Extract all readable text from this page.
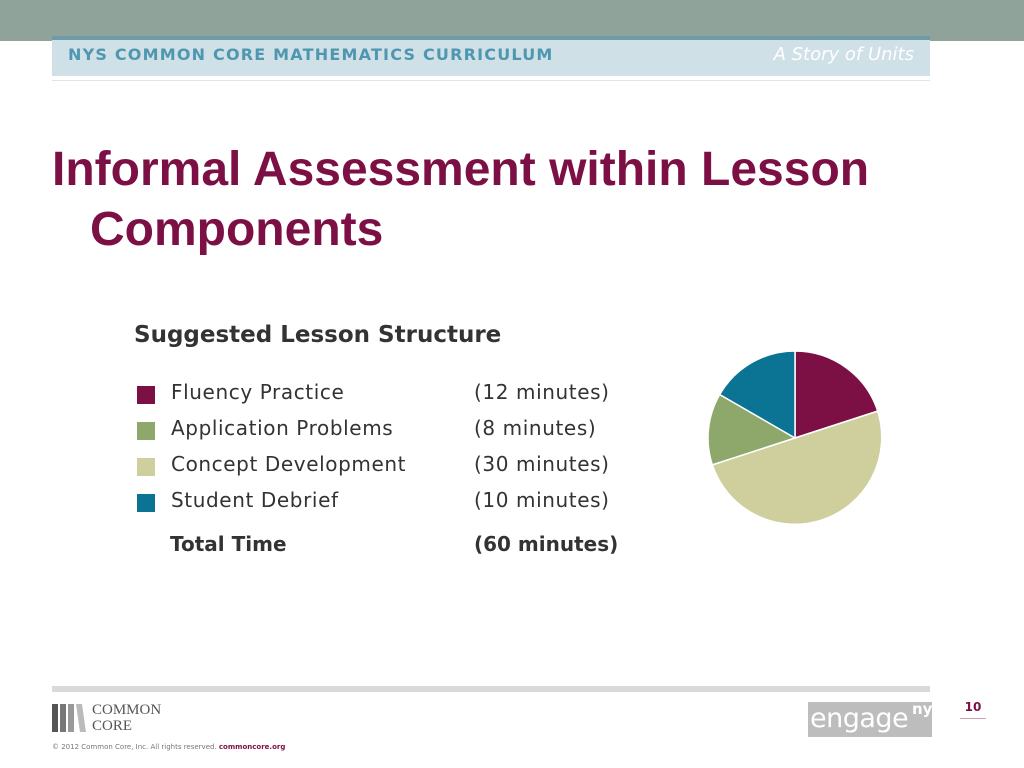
NYS COMMON CORE MATHEMATICS CURRICULUM	A Story of Units
Informal Assessment within Lesson
Components
Suggested Lesson Structure
Fluency Practice	(12 minutes)
Application Problems	(8 minutes)
Concept Development	(30 minutes)
Student Debrief	(10 minutes)
Total Time	(60 minutes)
COMMON
CORE
© 2012 Common Core, Inc. All rights reserved. commoncore.org
10
engage ny
